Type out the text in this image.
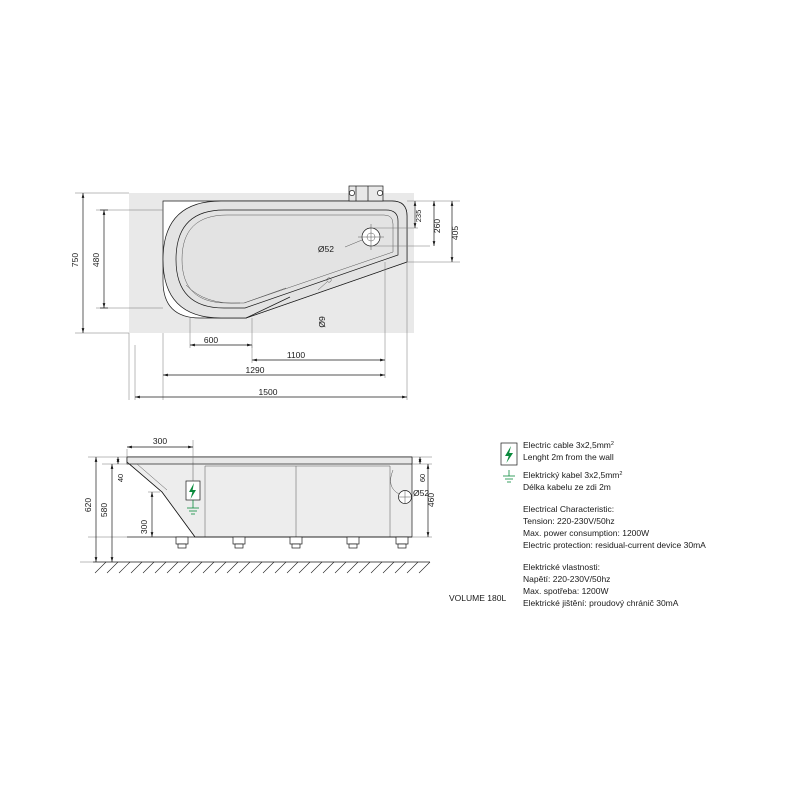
750 480
405
260
235
600
1100
1290
1500
Ø52
Ø9
300
620 580
460
40	60
300
Ø52
VOLUME 180L
Electric cable $3x2,5mm^2$
Lenght 2m from the wall
Elektrický kabel $3x2,5mm^2$
Délka kabelu ze zdi 2m
Electrical Characteristic:
Tension: 220-230V/50hz
Max. power consumption: 1200W
Electric protection: residual-current device 30mA
Elektrické vlastnosti:
Napětí: 220-230V/50hz
Max. spotřeba: 1200W
Elektrické jištění: proudový chránič 30mA
